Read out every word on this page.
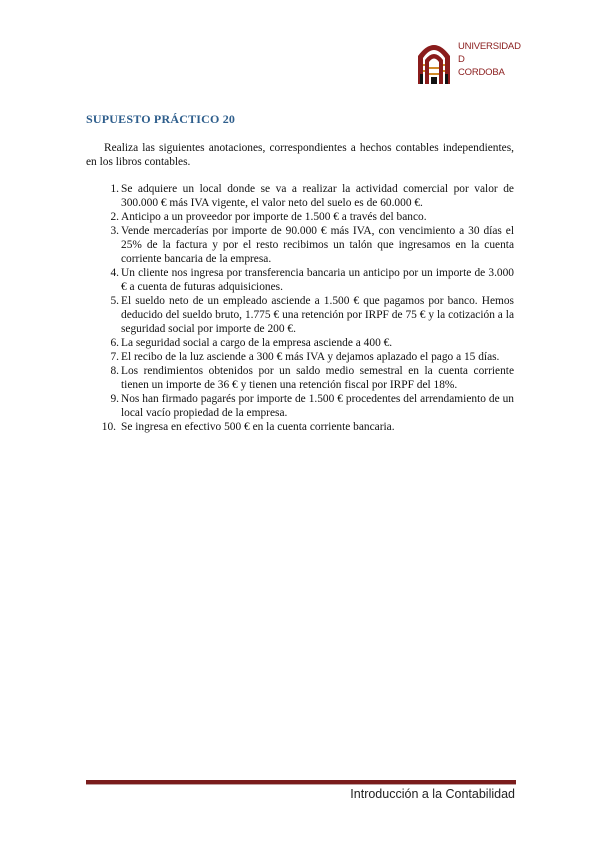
UNIVERSIDAD
D
CORDOBA
SUPUESTO PRÁCTICO 20

Realiza las siguientes anotaciones, correspondientes a hechos contables independientes, en los libros contables.

1. Se adquiere un local donde se va a realizar la actividad comercial por valor de 300.000 € más IVA vigente, el valor neto del suelo es de 60.000 €.
2. Anticipo a un proveedor por importe de 1.500 € a través del banco.
3. Vende mercaderías por importe de 90.000 € más IVA, con vencimiento a 30 días el 25% de la factura y por el resto recibimos un talón que ingresamos en la cuenta corriente bancaria de la empresa.
4. Un cliente nos ingresa por transferencia bancaria un anticipo por un importe de 3.000 € a cuenta de futuras adquisiciones.
5. El sueldo neto de un empleado asciende a 1.500 € que pagamos por banco. Hemos deducido del sueldo bruto, 1.775 € una retención por IRPF de 75 € y la cotización a la seguridad social por importe de 200 €.
6. La seguridad social a cargo de la empresa asciende a 400 €.
7. El recibo de la luz asciende a 300 € más IVA y dejamos aplazado el pago a 15 días.
8. Los rendimientos obtenidos por un saldo medio semestral en la cuenta corriente tienen un importe de 36 € y tienen una retención fiscal por IRPF del 18%.
9. Nos han firmado pagarés por importe de 1.500 € procedentes del arrendamiento de un local vacío propiedad de la empresa.
10. Se ingresa en efectivo 500 € en la cuenta corriente bancaria.
Introducción a la Contabilidad
